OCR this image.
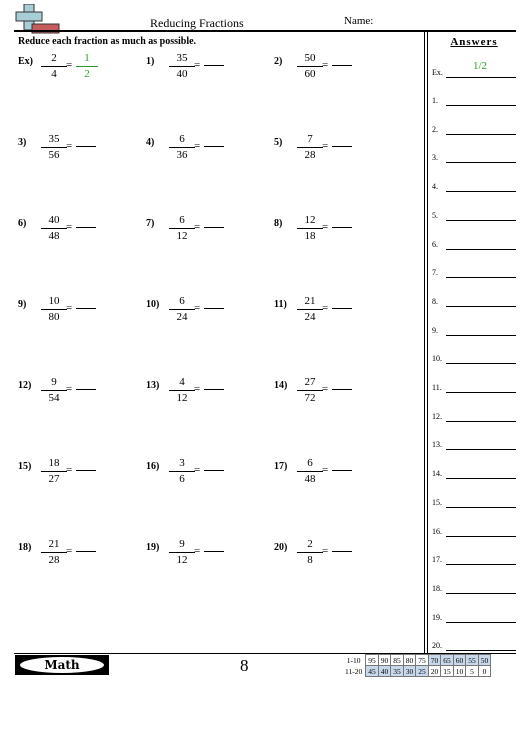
Reducing Fractions	Name:
Reduce each fraction as much as possible.
Ex)	2
4
=
1
2
1)	35
40
=	2)	50
60
=
3)	35
56
=	4)	6
36
=	5)	7
28
=
6)	40
48
=	7)	6
12
=	8)	12
18
=
9)	10
80
=	10)	6
24
=	11)	21
24
=
12)	9
54
=	13)	4
12
=	14)	27
72
=
15)	18
27
=	16)	3
6
=	17)	6
48
=
18)	21
28
=	19)	9
12
=	20)	2
8
=
Answers
Ex.
1/2
1.
2.
3.
4.
5.
6.
7.
8.
9.
10.
11.
12.
13.
14.
15.
16.
17.
18.
19.
20.
Math	8	1-10	95	90	85	80	75	70	65	60	55	50
11-20	45	40	35	30	25	20	15	10	5	0
